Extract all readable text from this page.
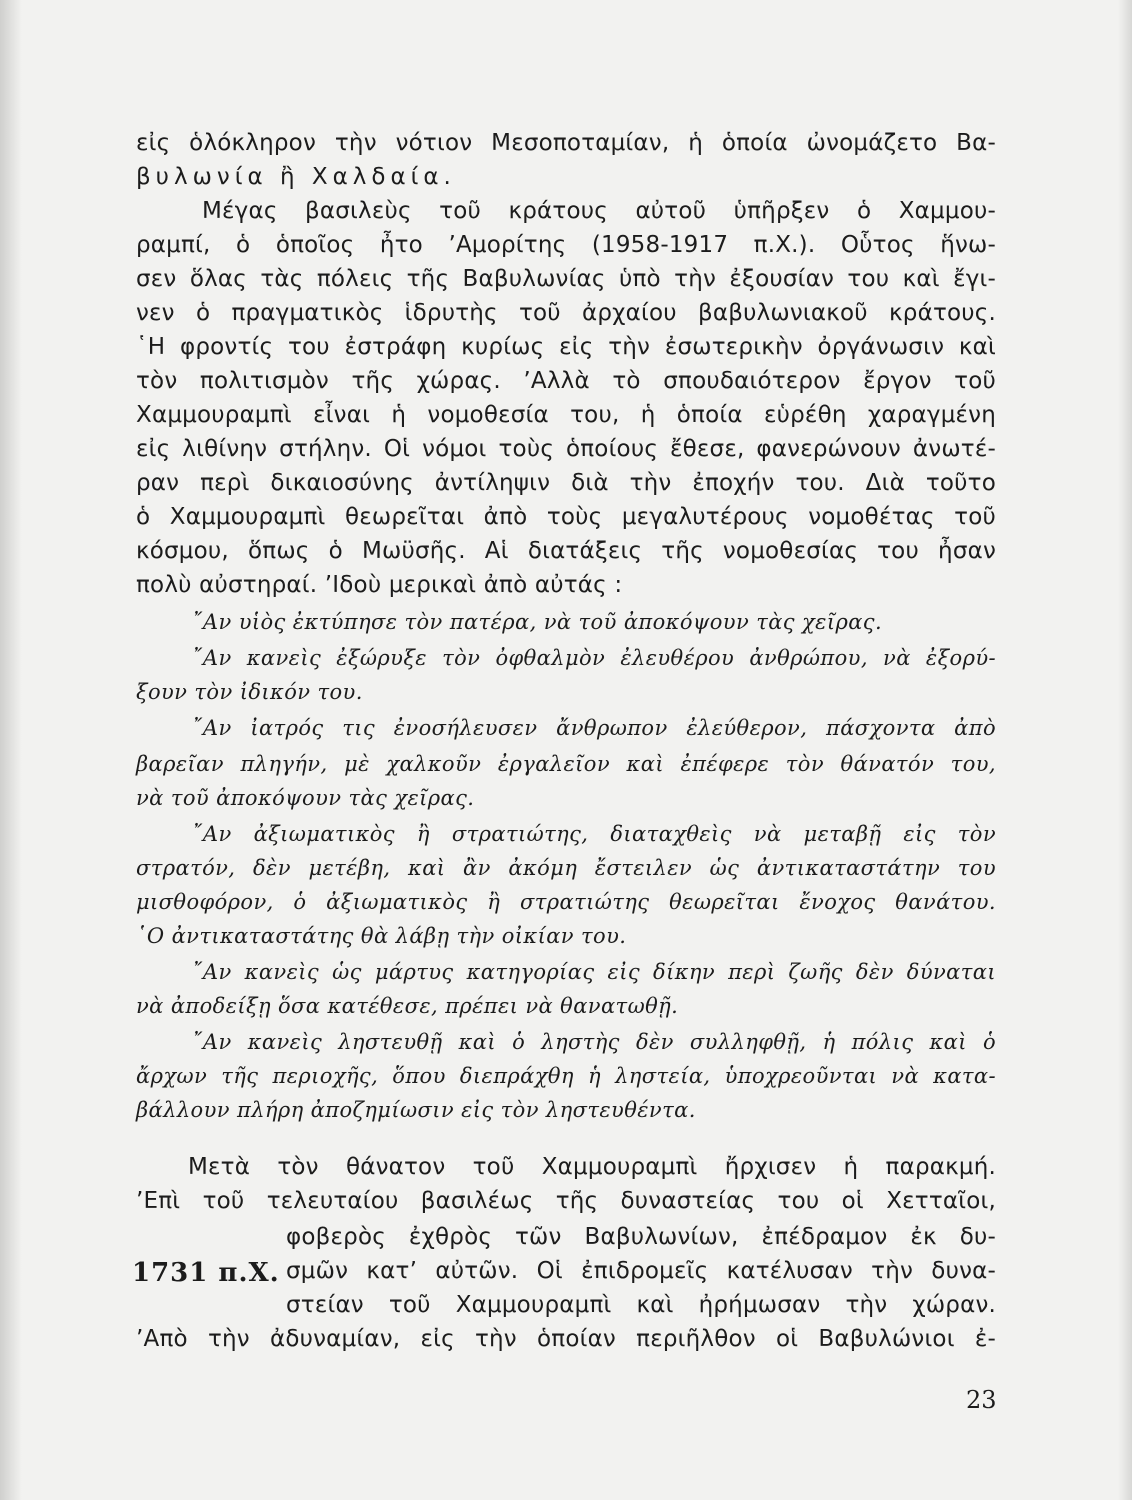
εἰς ὁλόκληρον τὴν νότιον Μεσοποταμίαν, ἡ ὁποία ὠνομάζετο Βα-
βυλωνία ἢ Χαλδαία.
Μέγας βασιλεὺς τοῦ κράτους αὐτοῦ ὑπῆρξεν ὁ Χαμμου-
ραμπί, ὁ ὁποῖος ἦτο ’Αμορίτης (1958-1917 π.Χ.). Οὗτος ἥνω-
σεν ὅλας τὰς πόλεις τῆς Βαβυλωνίας ὑπὸ τὴν ἐξουσίαν του καὶ ἔγι-
νεν ὁ πραγματικὸς ἱδρυτὴς τοῦ ἀρχαίου βαβυλωνιακοῦ κράτους.
῾Η φροντίς του ἐστράφη κυρίως εἰς τὴν ἐσωτερικὴν ὀργάνωσιν καὶ
τὸν πολιτισμὸν τῆς χώρας. ’Αλλὰ τὸ σπουδαιότερον ἔργον τοῦ
Χαμμουραμπὶ εἶναι ἡ νομοθεσία του, ἡ ὁποία εὑρέθη χαραγμένη
εἰς λιθίνην στήλην. Οἱ νόμοι τοὺς ὁποίους ἔθεσε, φανερώνουν ἀνωτέ-
ραν περὶ δικαιοσύνης ἀντίληψιν διὰ τὴν ἐποχήν του. Διὰ τοῦτο
ὁ Χαμμουραμπὶ θεωρεῖται ἀπὸ τοὺς μεγαλυτέρους νομοθέτας τοῦ
κόσμου, ὅπως ὁ Μωϋσῆς. Αἱ διατάξεις τῆς νομοθεσίας του ἦσαν
πολὺ αὐστηραί. ’Ιδοὺ μερικαὶ ἀπὸ αὐτάς :
῎Αν υἱὸς ἐκτύπησε τὸν πατέρα, νὰ τοῦ ἀποκόψουν τὰς χεῖρας.
῎Αν κανεὶς ἐξώρυξε τὸν ὀφθαλμὸν ἐλευθέρου ἀνθρώπου, νὰ ἐξορύ-
ξουν τὸν ἰδικόν του.
῎Αν ἰατρός τις ἐνοσήλευσεν ἄνθρωπον ἐλεύθερον, πάσχοντα ἀπὸ
βαρεῖαν πληγήν, μὲ χαλκοῦν ἐργαλεῖον καὶ ἐπέφερε τὸν θάνατόν του,
νὰ τοῦ ἀποκόψουν τὰς χεῖρας.
῎Αν ἀξιωματικὸς ἢ στρατιώτης, διαταχθεὶς νὰ μεταβῇ εἰς τὸν
στρατόν, δὲν μετέβη, καὶ ἂν ἀκόμη ἔστειλεν ὡς ἀντικαταστάτην του
μισθοφόρον, ὁ ἀξιωματικὸς ἢ στρατιώτης θεωρεῖται ἔνοχος θανάτου.
῾Ο ἀντικαταστάτης θὰ λάβῃ τὴν οἰκίαν του.
῎Αν κανεὶς ὡς μάρτυς κατηγορίας εἰς δίκην περὶ ζωῆς δὲν δύναται
νὰ ἀποδείξῃ ὅσα κατέθεσε, πρέπει νὰ θανατωθῇ.
῎Αν κανεὶς ληστευθῇ καὶ ὁ ληστὴς δὲν συλληφθῇ, ἡ πόλις καὶ ὁ
ἄρχων τῆς περιοχῆς, ὅπου διεπράχθη ἡ ληστεία, ὑποχρεοῦνται νὰ κατα-
βάλλουν πλήρη ἀποζημίωσιν εἰς τὸν ληστευθέντα.
Μετὰ τὸν θάνατον τοῦ Χαμμουραμπὶ ἤρχισεν ἡ παρακμή.
’Επὶ τοῦ τελευταίου βασιλέως τῆς δυναστείας του οἱ Χετταῖοι,
φοβερὸς ἐχθρὸς τῶν Βαβυλωνίων, ἐπέδραμον ἐκ δυ-
σμῶν κατ’ αὐτῶν. Οἱ ἐπιδρομεῖς κατέλυσαν τὴν δυνα-
στείαν τοῦ Χαμμουραμπὶ καὶ ἠρήμωσαν τὴν χώραν.
’Απὸ τὴν ἀδυναμίαν, εἰς τὴν ὁποίαν περιῆλθον οἱ Βαβυλώνιοι ἐ-
1731 π.Χ.
23
